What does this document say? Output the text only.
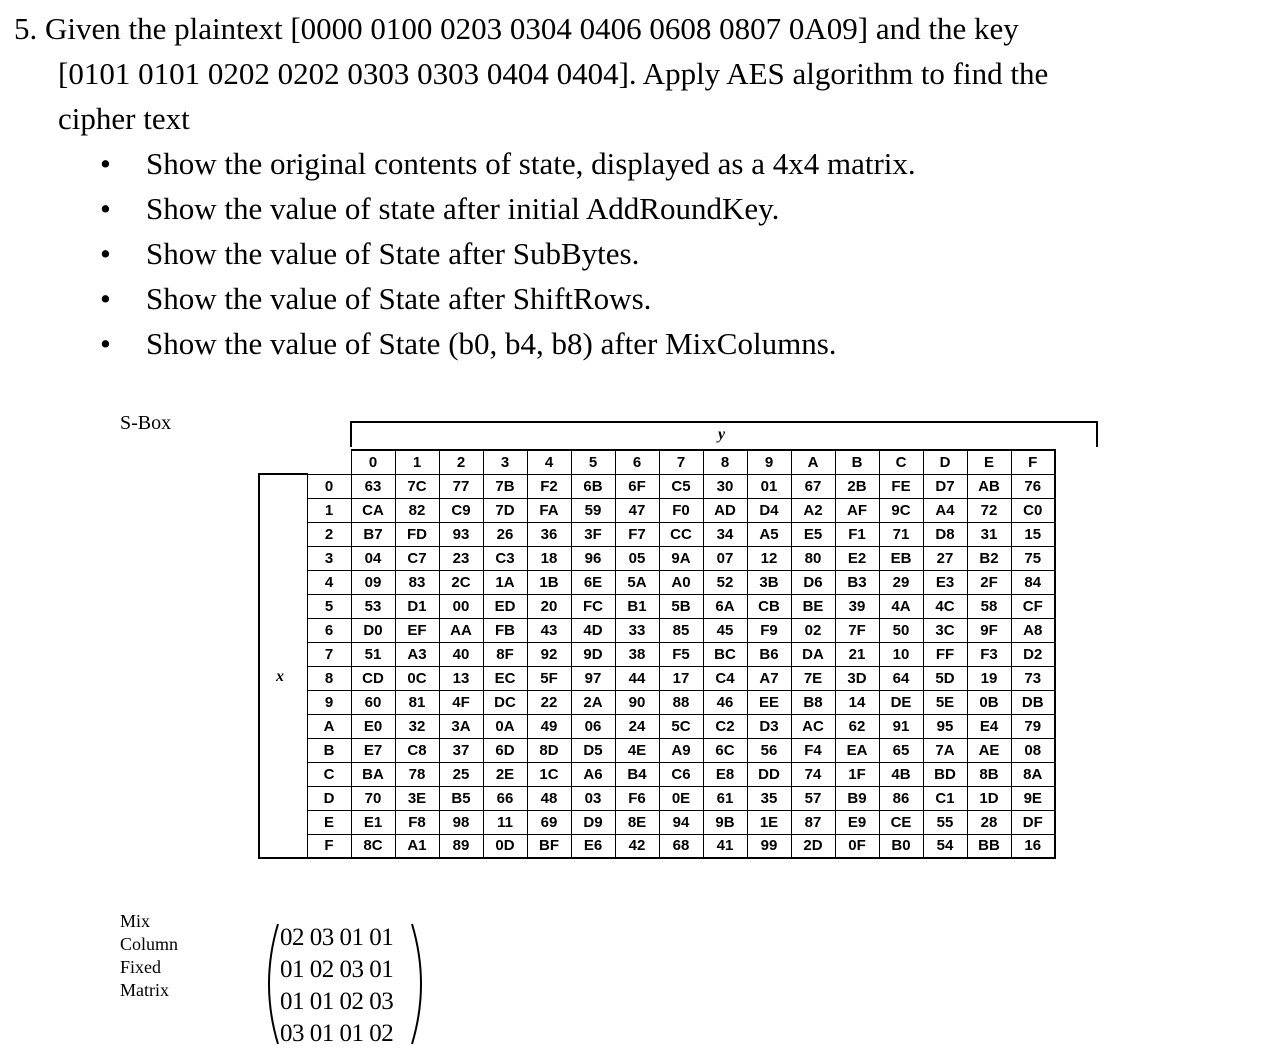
5. Given the plaintext [0000 0100 0203 0304 0406 0608 0807 0A09] and the key
[0101 0101 0202 0202 0303 0303 0404 0404]. Apply AES algorithm to find the
cipher text
• Show the original contents of state, displayed as a 4x4 matrix.
• Show the value of state after initial AddRoundKey.
• Show the value of State after SubBytes.
• Show the value of State after ShiftRows.
• Show the value of State (b0, b4, b8) after MixColumns.
S-Box
y
x
		0	1	2	3	4	5	6	7	8	9	A	B	C	D	E	F
	0	63	7C	77	7B	F2	6B	6F	C5	30	01	67	2B	FE	D7	AB	76
	1	CA	82	C9	7D	FA	59	47	F0	AD	D4	A2	AF	9C	A4	72	C0
	2	B7	FD	93	26	36	3F	F7	CC	34	A5	E5	F1	71	D8	31	15
	3	04	C7	23	C3	18	96	05	9A	07	12	80	E2	EB	27	B2	75
	4	09	83	2C	1A	1B	6E	5A	A0	52	3B	D6	B3	29	E3	2F	84
	5	53	D1	00	ED	20	FC	B1	5B	6A	CB	BE	39	4A	4C	58	CF
	6	D0	EF	AA	FB	43	4D	33	85	45	F9	02	7F	50	3C	9F	A8
	7	51	A3	40	8F	92	9D	38	F5	BC	B6	DA	21	10	FF	F3	D2
	8	CD	0C	13	EC	5F	97	44	17	C4	A7	7E	3D	64	5D	19	73
	9	60	81	4F	DC	22	2A	90	88	46	EE	B8	14	DE	5E	0B	DB
	A	E0	32	3A	0A	49	06	24	5C	C2	D3	AC	62	91	95	E4	79
	B	E7	C8	37	6D	8D	D5	4E	A9	6C	56	F4	EA	65	7A	AE	08
	C	BA	78	25	2E	1C	A6	B4	C6	E8	DD	74	1F	4B	BD	8B	8A
	D	70	3E	B5	66	48	03	F6	0E	61	35	57	B9	86	C1	1D	9E
	E	E1	F8	98	11	69	D9	8E	94	9B	1E	87	E9	CE	55	28	DF
	F	8C	A1	89	0D	BF	E6	42	68	41	99	2D	0F	B0	54	BB	16
Mix
Column
Fixed
Matrix
02 03 01 01
01 02 03 01
01 01 02 03
03 01 01 02
